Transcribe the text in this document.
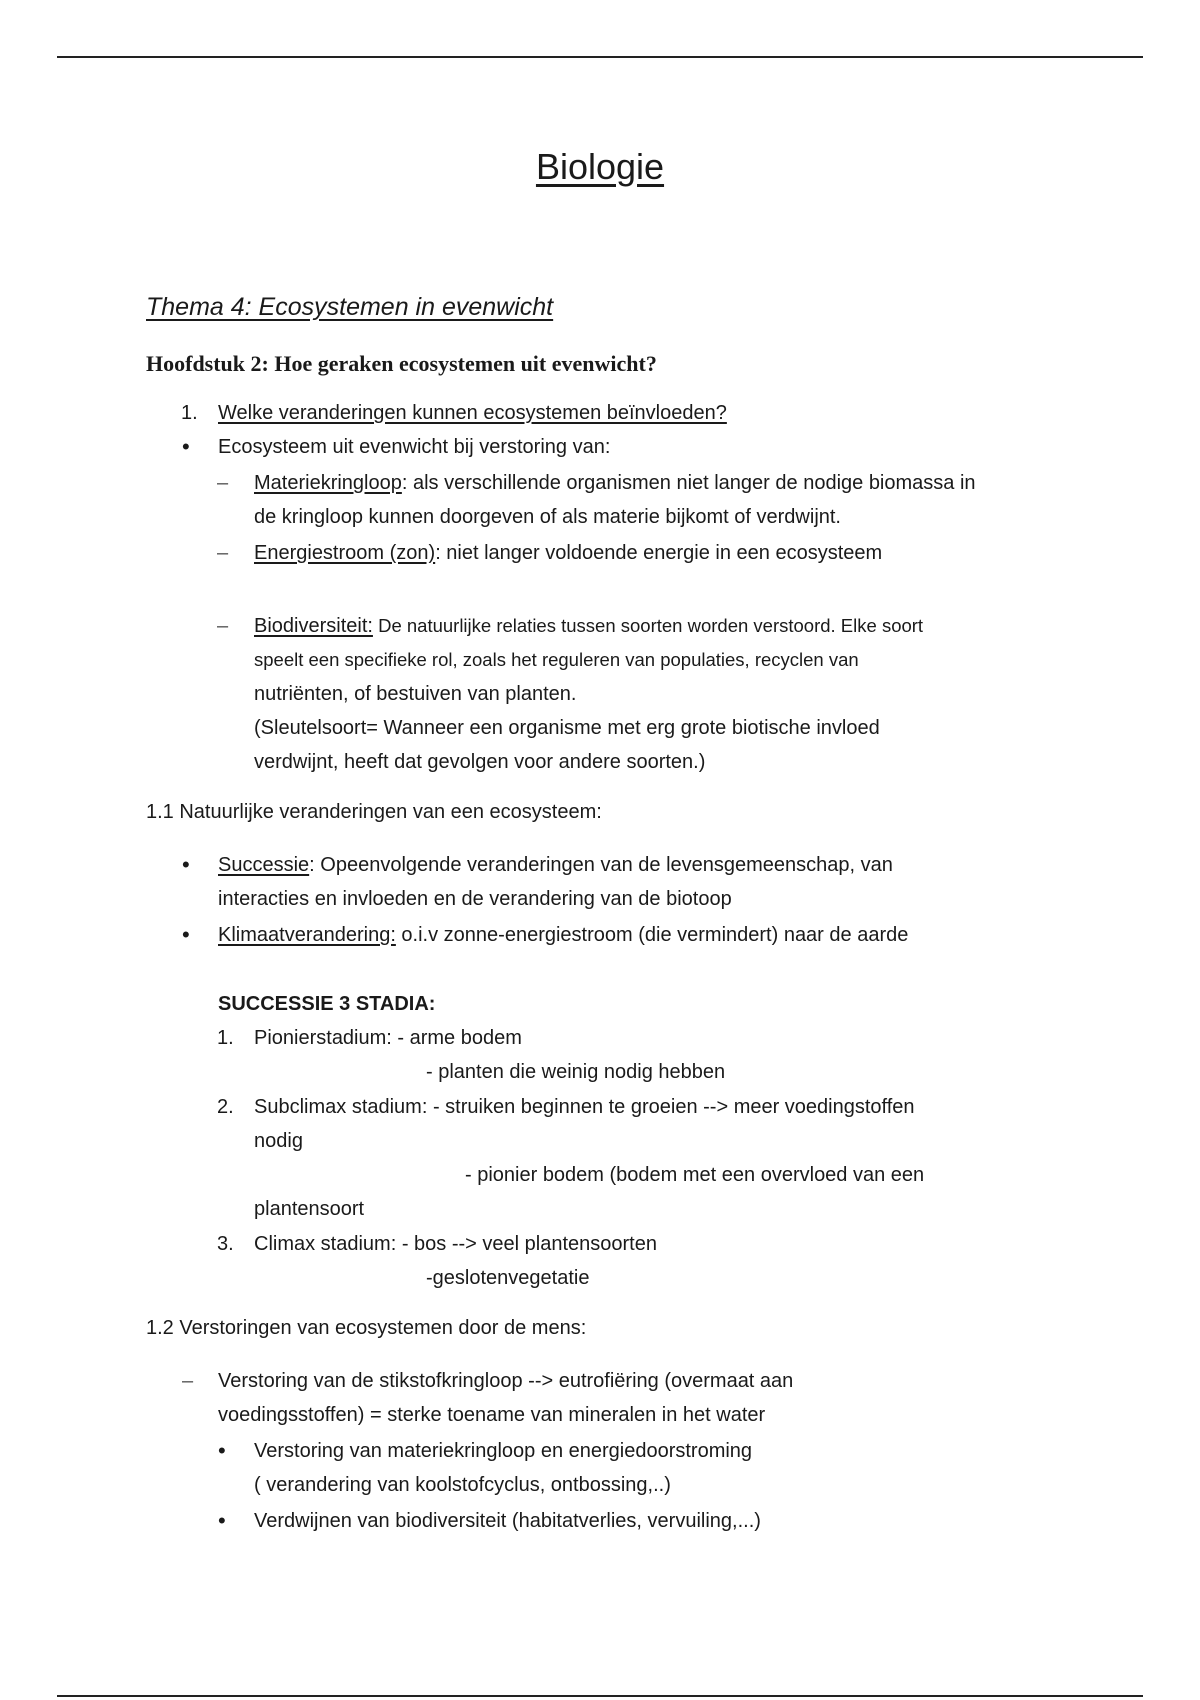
Biologie
Thema 4: Ecosystemen in evenwicht
Hoofdstuk 2: Hoe geraken ecosystemen uit evenwicht?
1. Welke veranderingen kunnen ecosystemen beïnvloeden?
• Ecosysteem uit evenwicht bij verstoring van:
– Materiekringloop: als verschillende organismen niet langer de nodige biomassa in
de kringloop kunnen doorgeven of als materie bijkomt of verdwijnt.
– Energiestroom (zon): niet langer voldoende energie in een ecosysteem
– Biodiversiteit: De natuurlijke relaties tussen soorten worden verstoord. Elke soort
speelt een specifieke rol, zoals het reguleren van populaties, recyclen van
nutriënten, of bestuiven van planten.
(Sleutelsoort= Wanneer een organisme met erg grote biotische invloed
verdwijnt, heeft dat gevolgen voor andere soorten.)
1.1 Natuurlijke veranderingen van een ecosysteem:
• Successie: Opeenvolgende veranderingen van de levensgemeenschap, van
interacties en invloeden en de verandering van de biotoop
• Klimaatverandering: o.i.v zonne-energiestroom (die vermindert) naar de aarde
SUCCESSIE 3 STADIA:
1. Pionierstadium: - arme bodem
- planten die weinig nodig hebben
2. Subclimax stadium: - struiken beginnen te groeien --> meer voedingstoffen
nodig
- pionier bodem (bodem met een overvloed van een
plantensoort
3. Climax stadium: - bos --> veel plantensoorten
-geslotenvegetatie
1.2 Verstoringen van ecosystemen door de mens:
– Verstoring van de stikstofkringloop --> eutrofiëring (overmaat aan
voedingsstoffen) = sterke toename van mineralen in het water
• Verstoring van materiekringloop en energiedoorstroming
( verandering van koolstofcyclus, ontbossing,..)
• Verdwijnen van biodiversiteit (habitatverlies, vervuiling,...)
